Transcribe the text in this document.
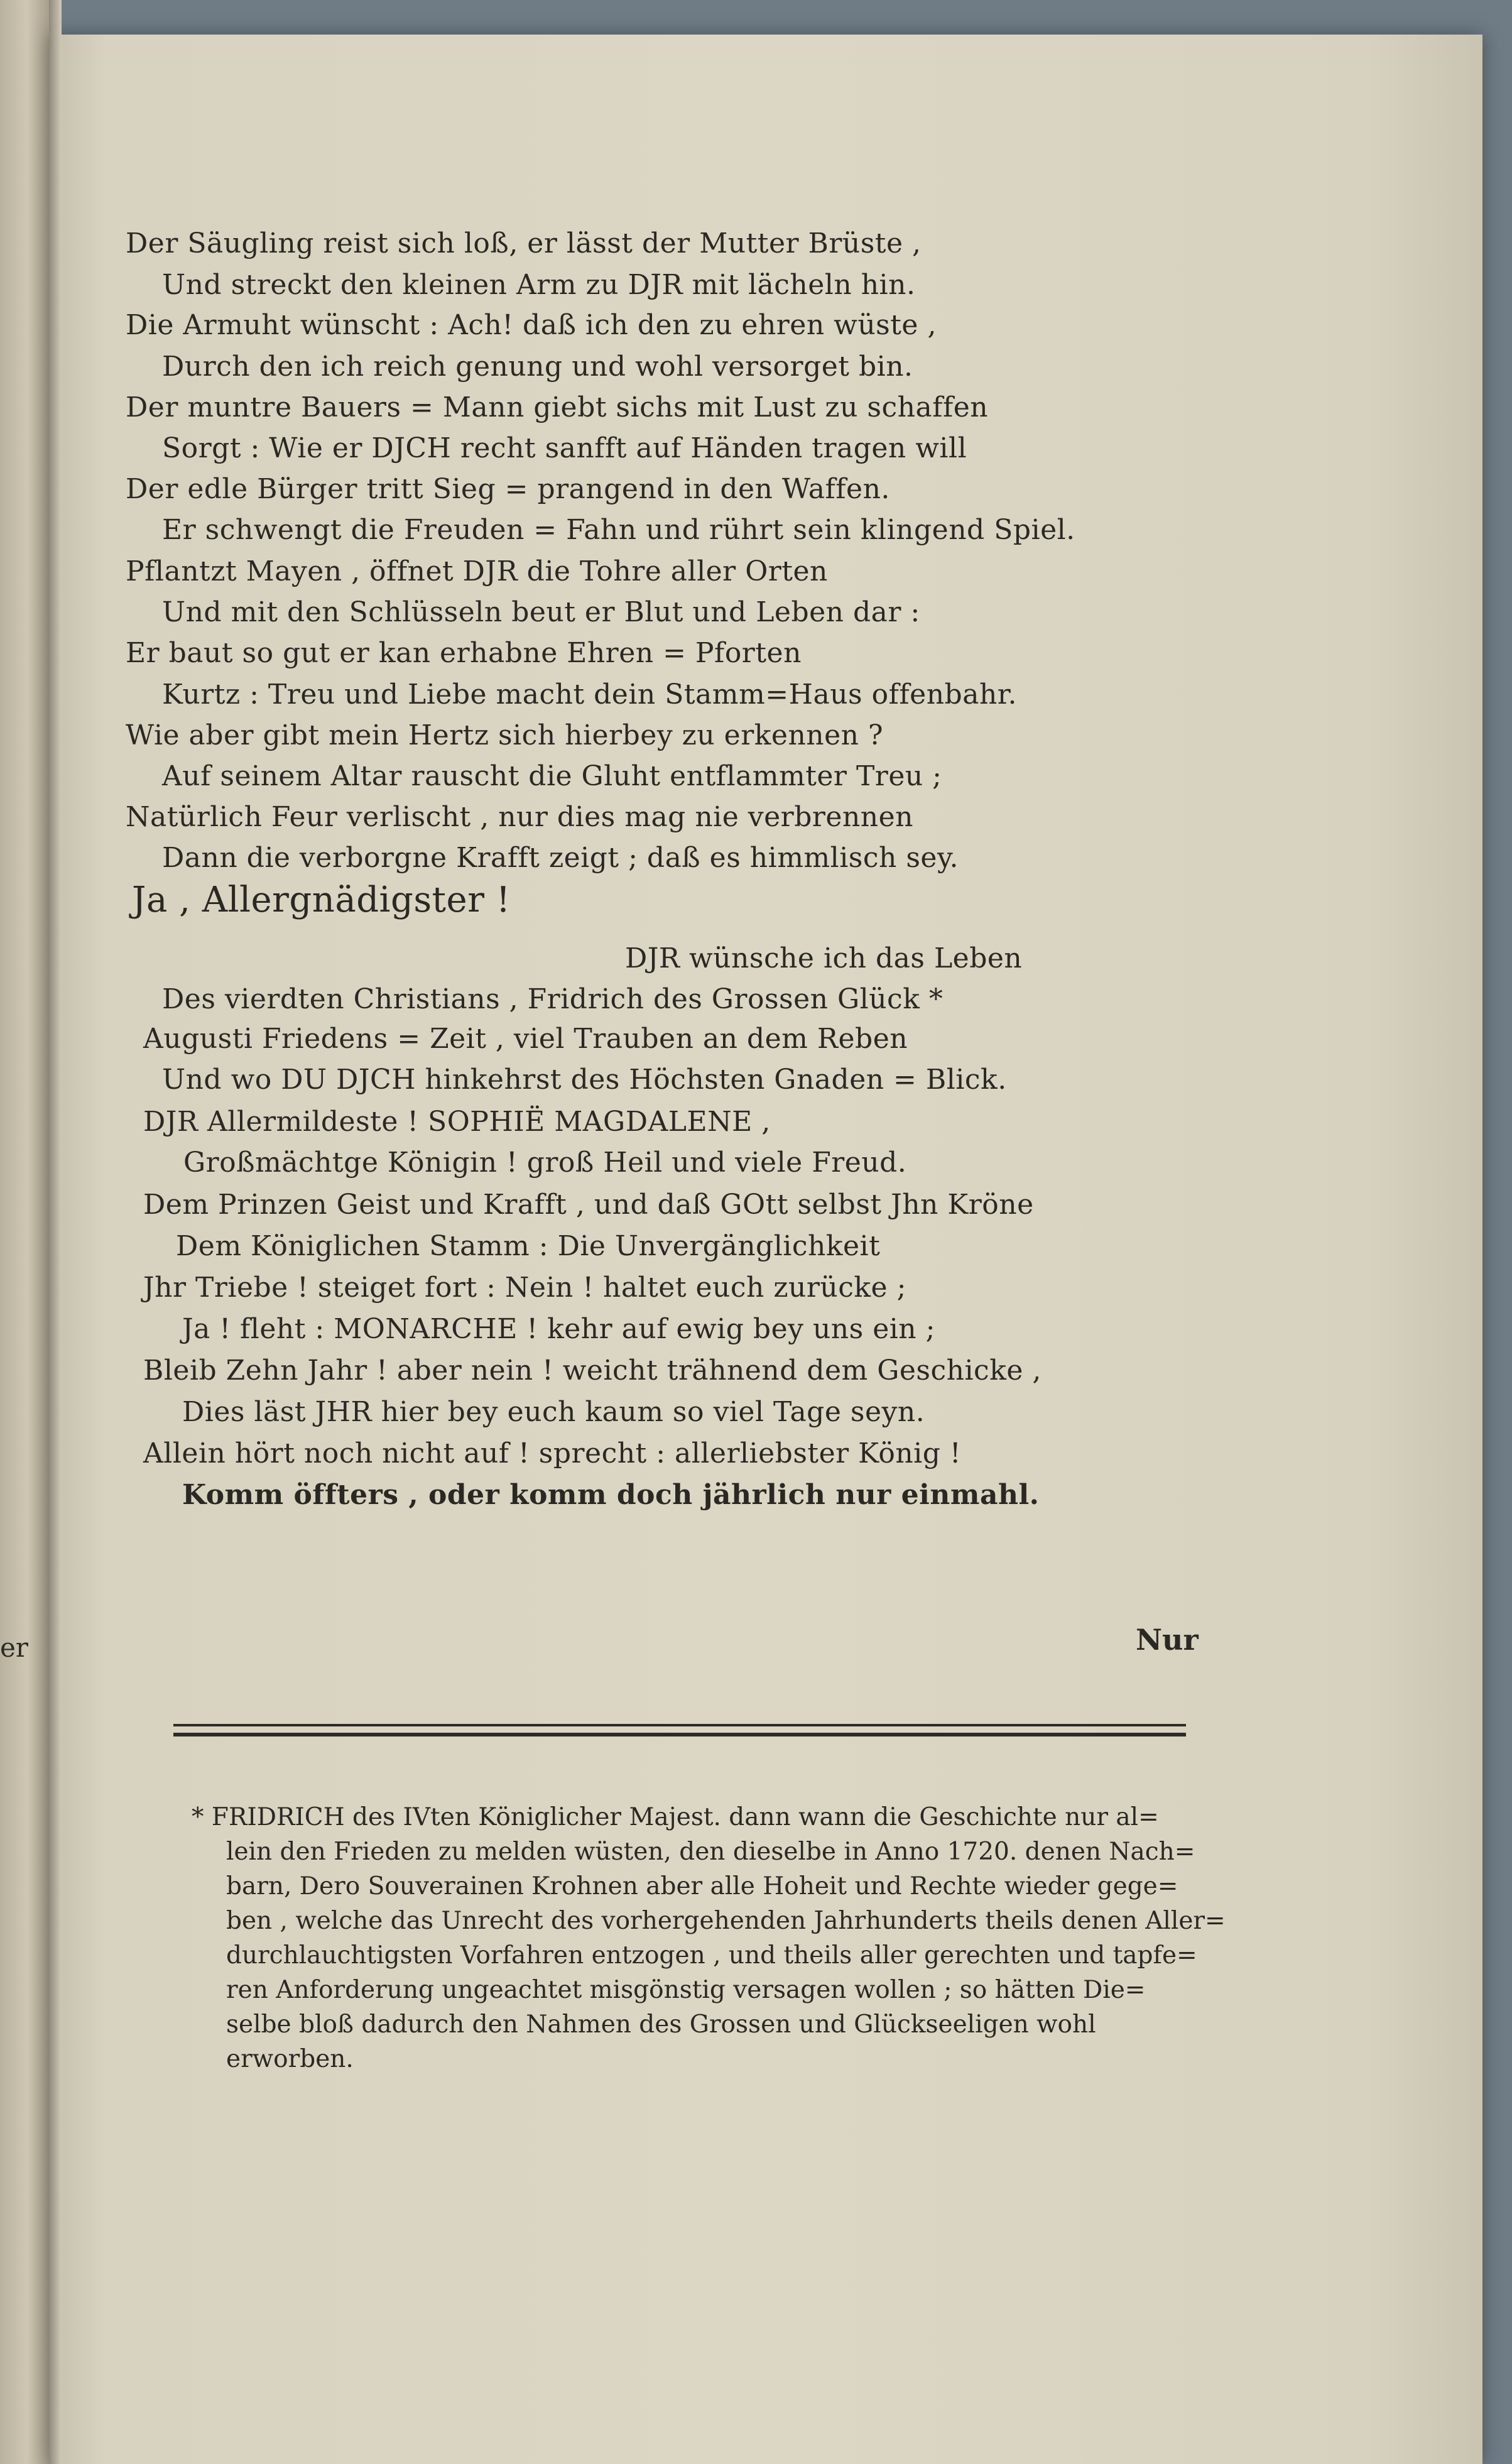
er
Der Säugling reist sich loß, er lässt der Mutter Brüste ,
Und streckt den kleinen Arm zu DJR mit lächeln hin.
Die Armuht wünscht : Ach! daß ich den zu ehren wüste ,
Durch den ich reich genung und wohl versorget bin.
Der muntre Bauers = Mann giebt sichs mit Lust zu schaffen
Sorgt : Wie er DJCH recht sanfft auf Händen tragen will
Der edle Bürger tritt Sieg = prangend in den Waffen.
Er schwengt die Freuden = Fahn und rührt sein klingend Spiel.
Pflantzt Mayen , öffnet DJR die Tohre aller Orten
Und mit den Schlüsseln beut er Blut und Leben dar :
Er baut so gut er kan erhabne Ehren = Pforten
Kurtz : Treu und Liebe macht dein Stamm=Haus offenbahr.
Wie aber gibt mein Hertz sich hierbey zu erkennen ?
Auf seinem Altar rauscht die Gluht entflammter Treu ;
Natürlich Feur verlischt , nur dies mag nie verbrennen
Dann die verborgne Krafft zeigt ; daß es himmlisch sey.
Ja , Allergnädigster !
DJR wünsche ich das Leben
Des vierdten Christians , Fridrich des Grossen Glück *
Augusti Friedens = Zeit , viel Trauben an dem Reben
Und wo DU DJCH hinkehrst des Höchsten Gnaden = Blick.
DJR Allermildeste ! SOPHIË MAGDALENE ,
Großmächtge Königin ! groß Heil und viele Freud.
Dem Prinzen Geist und Krafft , und daß GOtt selbst Jhn Kröne
Dem Königlichen Stamm : Die Unvergänglichkeit
Jhr Triebe ! steiget fort : Nein ! haltet euch zurücke ;
Ja ! fleht : MONARCHE ! kehr auf ewig bey uns ein ;
Bleib Zehn Jahr ! aber nein ! weicht trähnend dem Geschicke ,
Dies läst JHR hier bey euch kaum so viel Tage seyn.
Allein hört noch nicht auf ! sprecht : allerliebster König !
Komm öffters , oder komm doch jährlich nur einmahl.
Nur
* FRIDRICH des IVten Königlicher Majest. dann wann die Geschichte nur al=
lein den Frieden zu melden wüsten, den dieselbe in Anno 1720. denen Nach=
barn, Dero Souverainen Krohnen aber alle Hoheit und Rechte wieder gege=
ben , welche das Unrecht des vorhergehenden Jahrhunderts theils denen Aller=
durchlauchtigsten Vorfahren entzogen , und theils aller gerechten und tapfe=
ren Anforderung ungeachtet misgönstig versagen wollen ; so hätten Die=
selbe bloß dadurch den Nahmen des Grossen und Glückseeligen wohl
erworben.
